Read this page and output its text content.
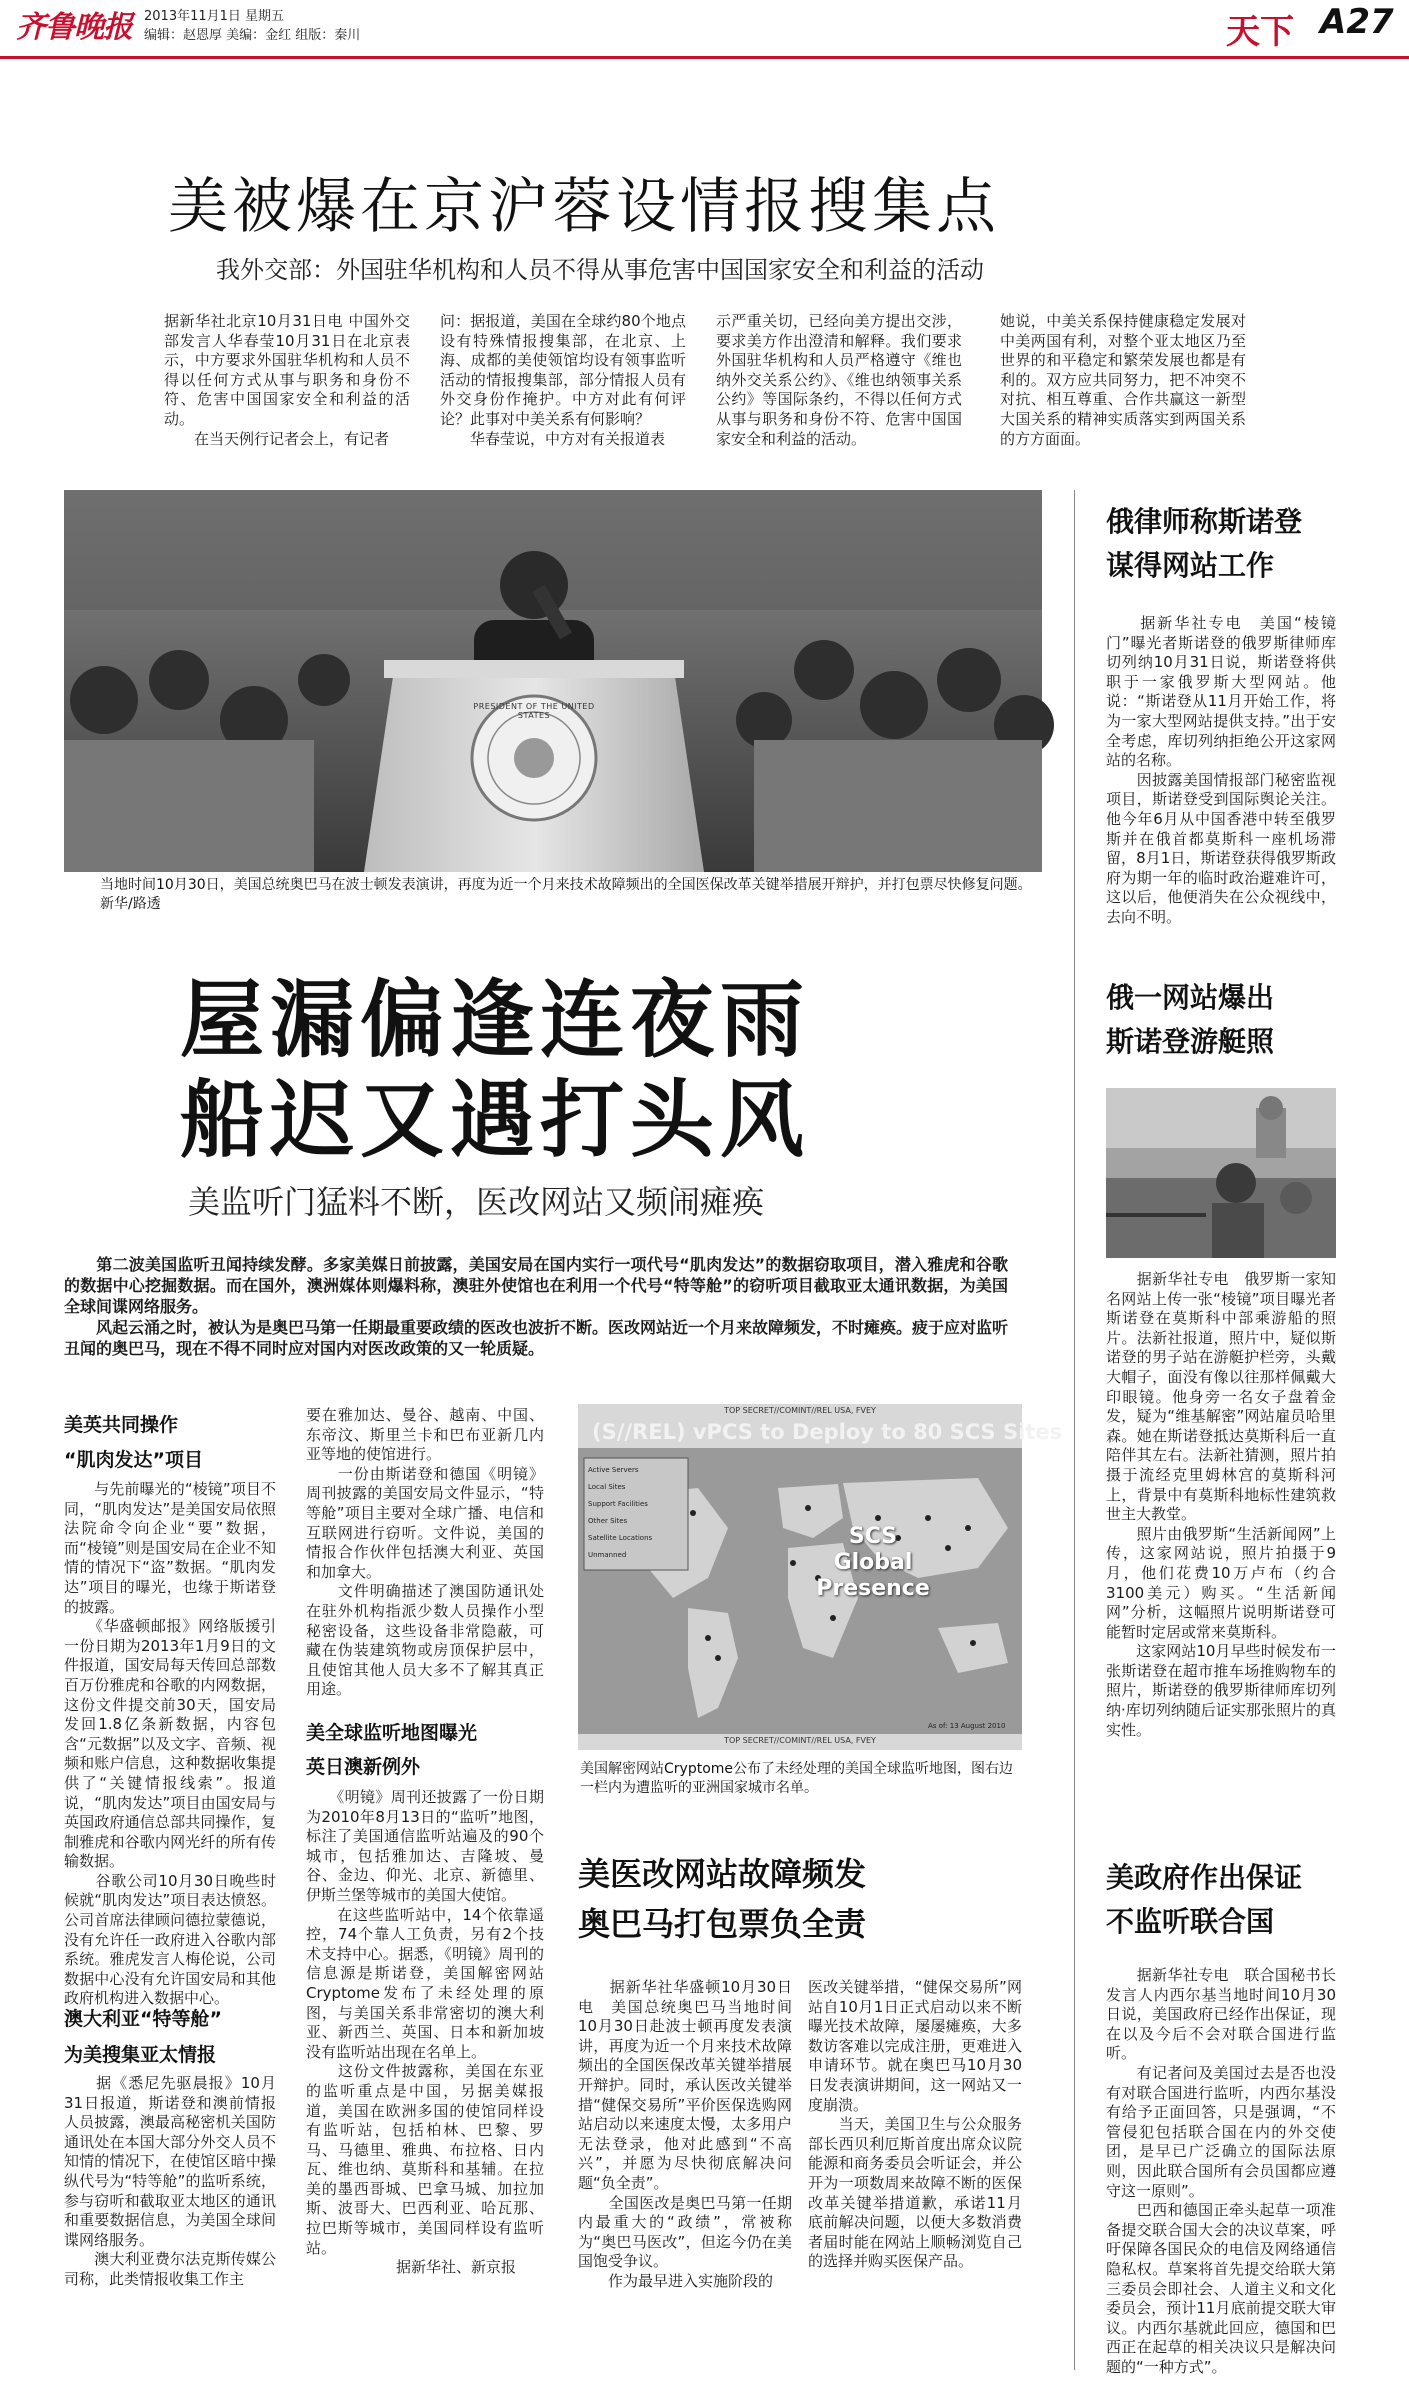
齐鲁晚报 2013年11月1日 星期五
编辑：赵恩厚 美编：金红 组版：秦川	天下 A27
美被爆在京沪蓉设情报搜集点
我外交部：外国驻华机构和人员不得从事危害中国国家安全和利益的活动
据新华社北京10月31日电 中国外交部发言人华春莹10月31日在北京表示，中方要求外国驻华机构和人员不得以任何方式从事与职务和身份不符、危害中国国家安全和利益的活动。
　　在当天例行记者会上，有记者
问：据报道，美国在全球约80个地点设有特殊情报搜集部，在北京、上海、成都的美使领馆均设有领事监听活动的情报搜集部，部分情报人员有外交身份作掩护。中方对此有何评论？此事对中美关系有何影响？
　　华春莹说，中方对有关报道表
示严重关切，已经向美方提出交涉，要求美方作出澄清和解释。我们要求外国驻华机构和人员严格遵守《维也纳外交关系公约》、《维也纳领事关系公约》等国际条约，不得以任何方式从事与职务和身份不符、危害中国国家安全和利益的活动。
她说，中美关系保持健康稳定发展对中美两国有利，对整个亚太地区乃至世界的和平稳定和繁荣发展也都是有利的。双方应共同努力，把不冲突不对抗、相互尊重、合作共赢这一新型大国关系的精神实质落实到两国关系的方方面面。
PRESIDENT OF THE UNITED STATES
当地时间10月30日，美国总统奥巴马在波士顿发表演讲，再度为近一个月来技术故障频出的全国医保改革关键举措展开辩护，并打包票尽快修复问题。　　新华/路透
屋漏偏逢连夜雨
船迟又遇打头风
美监听门猛料不断，医改网站又频闹瘫痪
　　第二波美国监听丑闻持续发酵。多家美媒日前披露，美国安局在国内实行一项代号“肌肉发达”的数据窃取项目，潜入雅虎和谷歌的数据中心挖掘数据。而在国外，澳洲媒体则爆料称，澳驻外使馆也在利用一个代号“特等舱”的窃听项目截取亚太通讯数据，为美国全球间谍网络服务。
　　风起云涌之时，被认为是奥巴马第一任期最重要政绩的医改也波折不断。医改网站近一个月来故障频发，不时瘫痪。疲于应对监听丑闻的奥巴马，现在不得不同时应对国内对医改政策的又一轮质疑。
美英共同操作
“肌肉发达”项目
　　与先前曝光的“棱镜”项目不同，“肌肉发达”是美国安局依照法院命令向企业“要”数据，而“棱镜”则是国安局在企业不知情的情况下“盗”数据。“肌肉发达”项目的曝光，也缘于斯诺登的披露。
　　《华盛顿邮报》网络版援引一份日期为2013年1月9日的文件报道，国安局每天传回总部数百万份雅虎和谷歌的内网数据，这份文件提交前30天，国安局发回1.8亿条新数据，内容包含“元数据”以及文字、音频、视频和账户信息，这种数据收集提供了“关键情报线索”。报道说，“肌肉发达”项目由国安局与英国政府通信总部共同操作，复制雅虎和谷歌内网光纤的所有传输数据。
　　谷歌公司10月30日晚些时候就“肌肉发达”项目表达愤怒。公司首席法律顾问德拉蒙德说，没有允许任一政府进入谷歌内部系统。雅虎发言人梅伦说，公司数据中心没有允许国安局和其他政府机构进入数据中心。
澳大利亚“特等舱”
为美搜集亚太情报
　　据《悉尼先驱晨报》10月31日报道，斯诺登和澳前情报人员披露，澳最高秘密机关国防通讯处在本国大部分外交人员不知情的情况下，在使馆区暗中操纵代号为“特等舱”的监听系统，参与窃听和截取亚太地区的通讯和重要数据信息，为美国全球间谍网络服务。
　　澳大利亚费尔法克斯传媒公司称，此类情报收集工作主
要在雅加达、曼谷、越南、中国、东帝汶、斯里兰卡和巴布亚新几内亚等地的使馆进行。
　　一份由斯诺登和德国《明镜》周刊披露的美国安局文件显示，“特等舱”项目主要对全球广播、电信和互联网进行窃听。文件说，美国的情报合作伙伴包括澳大利亚、英国和加拿大。
　　文件明确描述了澳国防通讯处在驻外机构指派少数人员操作小型秘密设备，这些设备非常隐蔽，可藏在伪装建筑物或房顶保护层中，且使馆其他人员大多不了解其真正用途。
美全球监听地图曝光
英日澳新例外
　　《明镜》周刊还披露了一份日期为2010年8月13日的“监听”地图，标注了美国通信监听站遍及的90个城市，包括雅加达、吉隆坡、曼谷、金边、仰光、北京、新德里、伊斯兰堡等城市的美国大使馆。
　　在这些监听站中，14个依靠遥控，74个靠人工负责，另有2个技术支持中心。据悉，《明镜》周刊的信息源是斯诺登，美国解密网站Cryptome发布了未经处理的原图，与美国关系非常密切的澳大利亚、新西兰、英国、日本和新加坡没有监听站出现在名单上。
　　这份文件披露称，美国在东亚的监听重点是中国，另据美媒报道，美国在欧洲多国的使馆同样设有监听站，包括柏林、巴黎、罗马、马德里、雅典、布拉格、日内瓦、维也纳、莫斯科和基辅。在拉美的墨西哥城、巴拿马城、加拉加斯、波哥大、巴西利亚、哈瓦那、拉巴斯等城市，美国同样设有监听站。
　　　　　　据新华社、新京报
TOP SECRET//COMINT//REL USA, FVEY
(S//REL) vPCS to Deploy to 80 SCS Sites
Active Servers
Local Sites
Support Facilities
Other Sites
Satellite Locations
Unmanned
SCS Global Presence
TOP SECRET//COMINT//REL USA, FVEY
As of: 13 August 2010
美国解密网站Cryptome公布了未经处理的美国全球监听地图，图右边一栏内为遭监听的亚洲国家城市名单。
美医改网站故障频发
奥巴马打包票负全责
　　据新华社华盛顿10月30日电　美国总统奥巴马当地时间10月30日赴波士顿再度发表演讲，再度为近一个月来技术故障频出的全国医保改革关键举措展开辩护。同时，承认医改关键举措“健保交易所”平价医保选购网站启动以来速度太慢，太多用户无法登录，他对此感到“不高兴”，并愿为尽快彻底解决问题“负全责”。
　　全国医改是奥巴马第一任期内最重大的“政绩”，常被称为“奥巴马医改”，但迄今仍在美国饱受争议。
　　作为最早进入实施阶段的
医改关键举措，“健保交易所”网站自10月1日正式启动以来不断曝光技术故障，屡屡瘫痪，大多数访客难以完成注册，更难进入申请环节。就在奥巴马10月30日发表演讲期间，这一网站又一度崩溃。
　　当天，美国卫生与公众服务部长西贝利厄斯首度出席众议院能源和商务委员会听证会，并公开为一项数周来故障不断的医保改革关键举措道歉，承诺11月底前解决问题，以便大多数消费者届时能在网站上顺畅浏览自己的选择并购买医保产品。
俄律师称斯诺登
谋得网站工作
　　据新华社专电　美国“棱镜门”曝光者斯诺登的俄罗斯律师库切列纳10月31日说，斯诺登将供职于一家俄罗斯大型网站。他说：“斯诺登从11月开始工作，将为一家大型网站提供支持。”出于安全考虑，库切列纳拒绝公开这家网站的名称。
　　因披露美国情报部门秘密监视项目，斯诺登受到国际舆论关注。他今年6月从中国香港中转至俄罗斯并在俄首都莫斯科一座机场滞留，8月1日，斯诺登获得俄罗斯政府为期一年的临时政治避难许可，这以后，他便消失在公众视线中，去向不明。
俄一网站爆出
斯诺登游艇照
　　据新华社专电　俄罗斯一家知名网站上传一张“棱镜”项目曝光者斯诺登在莫斯科中部乘游船的照片。法新社报道，照片中，疑似斯诺登的男子站在游艇护栏旁，头戴大帽子，面没有像以往那样佩戴大印眼镜。他身旁一名女子盘着金发，疑为“维基解密”网站雇员哈里森。她在斯诺登抵达莫斯科后一直陪伴其左右。法新社猜测，照片拍摄于流经克里姆林宫的莫斯科河上，背景中有莫斯科地标性建筑救世主大教堂。
　　照片由俄罗斯“生活新闻网”上传，这家网站说，照片拍摄于9月，他们花费10万卢布（约合3100美元）购买。“生活新闻网”分析，这幅照片说明斯诺登可能暂时定居或常来莫斯科。
　　这家网站10月早些时候发布一张斯诺登在超市推车场推购物车的照片，斯诺登的俄罗斯律师库切列纳·库切列纳随后证实那张照片的真实性。
美政府作出保证
不监听联合国
　　据新华社专电　联合国秘书长发言人内西尔基当地时间10月30日说，美国政府已经作出保证，现在以及今后不会对联合国进行监听。
　　有记者问及美国过去是否也没有对联合国进行监听，内西尔基没有给予正面回答，只是强调，“不管侵犯包括联合国在内的外交使团，是早已广泛确立的国际法原则，因此联合国所有会员国都应遵守这一原则”。
　　巴西和德国正牵头起草一项准备提交联合国大会的决议草案，呼吁保障各国民众的电信及网络通信隐私权。草案将首先提交给联大第三委员会即社会、人道主义和文化委员会，预计11月底前提交联大审议。内西尔基就此回应，德国和巴西正在起草的相关决议只是解决问题的“一种方式”。
